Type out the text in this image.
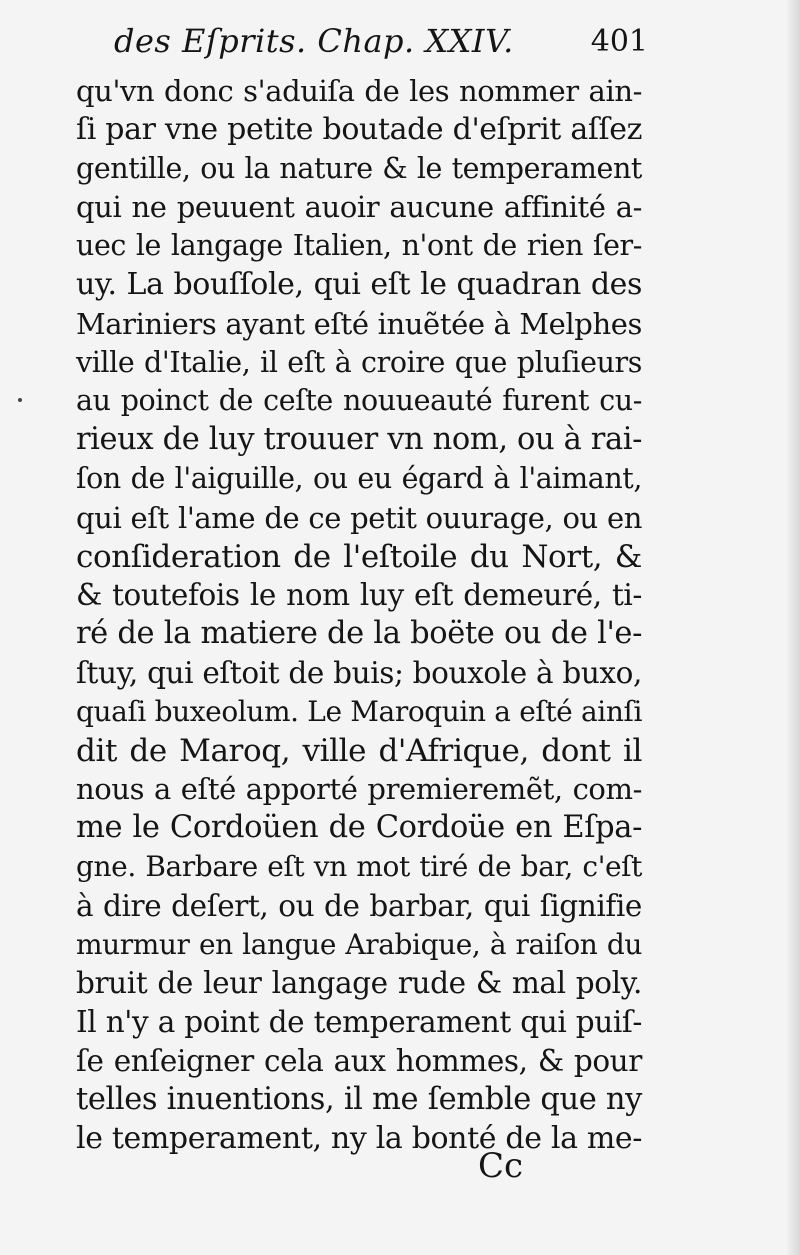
des Eſprits. Chap. XXIV.	401
qu'vn donc s'aduiſa de les nommer ain-
ſi par vne petite boutade d'eſprit aſſez
gentille, ou la nature & le temperament
qui ne peuuent auoir aucune affinité a-
uec le langage Italien, n'ont de rien ſer-
uy. La bouſſole, qui eſt le quadran des
Mariniers ayant eſté inuẽtée à Melphes
ville d'Italie, il eſt à croire que pluſieurs
au poinct de ceſte nouueauté furent cu-
rieux de luy trouuer vn nom, ou à rai-
ſon de l'aiguille, ou eu égard à l'aimant,
qui eſt l'ame de ce petit ouurage, ou en
conſideration de l'eſtoile du Nort, &
& toutefois le nom luy eſt demeuré, ti-
ré de la matiere de la boëte ou de l'e-
ſtuy, qui eſtoit de buis; bouxole à buxo,
quaſi buxeolum. Le Maroquin a eſté ainſi
dit de Maroq, ville d'Afrique, dont il
nous a eſté apporté premieremẽt, com-
me le Cordoüen de Cordoüe en Eſpa-
gne. Barbare eſt vn mot tiré de bar, c'eſt
à dire deſert, ou de barbar, qui ſignifie
murmur en langue Arabique, à raiſon du
bruit de leur langage rude & mal poly.
Il n'y a point de temperament qui puiſ-
ſe enſeigner cela aux hommes, & pour
telles inuentions, il me ſemble que ny
le temperament, ny la bonté de la me-
Cc
